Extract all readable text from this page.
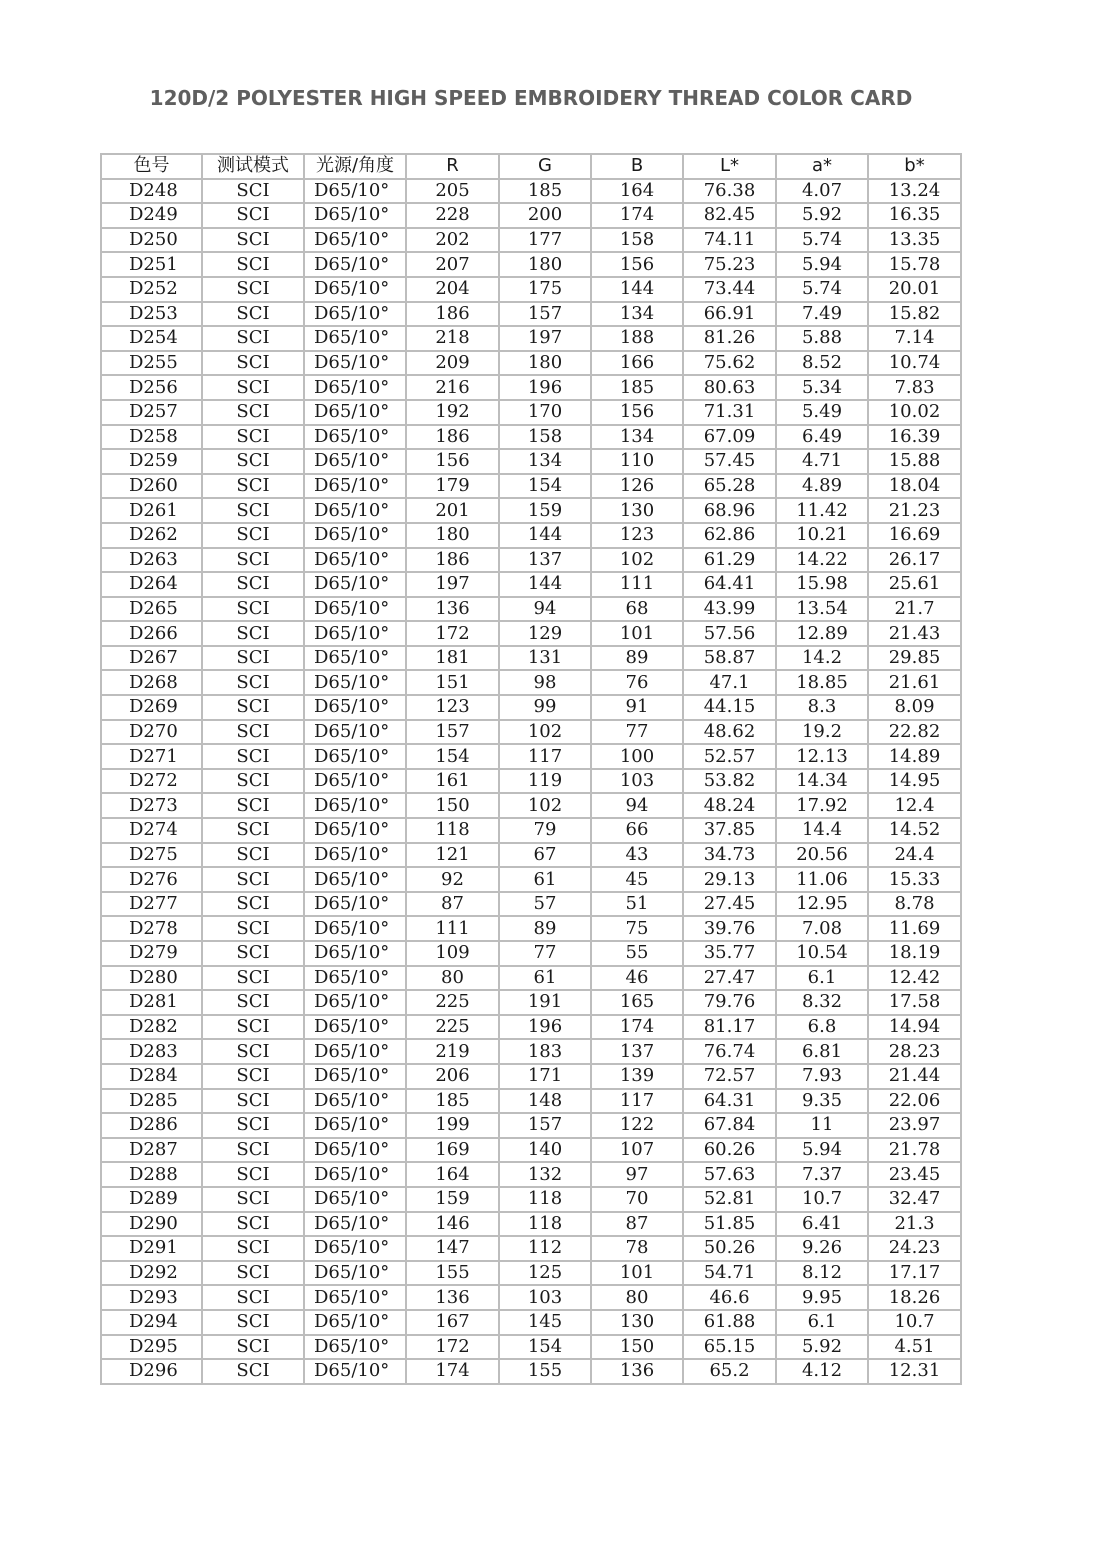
120D/2 POLYESTER HIGH SPEED EMBROIDERY THREAD COLOR CARD
色号	测试模式	光源/角度	R	G	B	L*	a*	b*
D248	SCI	D65/10°	205	185	164	76.38	4.07	13.24
D249	SCI	D65/10°	228	200	174	82.45	5.92	16.35
D250	SCI	D65/10°	202	177	158	74.11	5.74	13.35
D251	SCI	D65/10°	207	180	156	75.23	5.94	15.78
D252	SCI	D65/10°	204	175	144	73.44	5.74	20.01
D253	SCI	D65/10°	186	157	134	66.91	7.49	15.82
D254	SCI	D65/10°	218	197	188	81.26	5.88	7.14
D255	SCI	D65/10°	209	180	166	75.62	8.52	10.74
D256	SCI	D65/10°	216	196	185	80.63	5.34	7.83
D257	SCI	D65/10°	192	170	156	71.31	5.49	10.02
D258	SCI	D65/10°	186	158	134	67.09	6.49	16.39
D259	SCI	D65/10°	156	134	110	57.45	4.71	15.88
D260	SCI	D65/10°	179	154	126	65.28	4.89	18.04
D261	SCI	D65/10°	201	159	130	68.96	11.42	21.23
D262	SCI	D65/10°	180	144	123	62.86	10.21	16.69
D263	SCI	D65/10°	186	137	102	61.29	14.22	26.17
D264	SCI	D65/10°	197	144	111	64.41	15.98	25.61
D265	SCI	D65/10°	136	94	68	43.99	13.54	21.7
D266	SCI	D65/10°	172	129	101	57.56	12.89	21.43
D267	SCI	D65/10°	181	131	89	58.87	14.2	29.85
D268	SCI	D65/10°	151	98	76	47.1	18.85	21.61
D269	SCI	D65/10°	123	99	91	44.15	8.3	8.09
D270	SCI	D65/10°	157	102	77	48.62	19.2	22.82
D271	SCI	D65/10°	154	117	100	52.57	12.13	14.89
D272	SCI	D65/10°	161	119	103	53.82	14.34	14.95
D273	SCI	D65/10°	150	102	94	48.24	17.92	12.4
D274	SCI	D65/10°	118	79	66	37.85	14.4	14.52
D275	SCI	D65/10°	121	67	43	34.73	20.56	24.4
D276	SCI	D65/10°	92	61	45	29.13	11.06	15.33
D277	SCI	D65/10°	87	57	51	27.45	12.95	8.78
D278	SCI	D65/10°	111	89	75	39.76	7.08	11.69
D279	SCI	D65/10°	109	77	55	35.77	10.54	18.19
D280	SCI	D65/10°	80	61	46	27.47	6.1	12.42
D281	SCI	D65/10°	225	191	165	79.76	8.32	17.58
D282	SCI	D65/10°	225	196	174	81.17	6.8	14.94
D283	SCI	D65/10°	219	183	137	76.74	6.81	28.23
D284	SCI	D65/10°	206	171	139	72.57	7.93	21.44
D285	SCI	D65/10°	185	148	117	64.31	9.35	22.06
D286	SCI	D65/10°	199	157	122	67.84	11	23.97
D287	SCI	D65/10°	169	140	107	60.26	5.94	21.78
D288	SCI	D65/10°	164	132	97	57.63	7.37	23.45
D289	SCI	D65/10°	159	118	70	52.81	10.7	32.47
D290	SCI	D65/10°	146	118	87	51.85	6.41	21.3
D291	SCI	D65/10°	147	112	78	50.26	9.26	24.23
D292	SCI	D65/10°	155	125	101	54.71	8.12	17.17
D293	SCI	D65/10°	136	103	80	46.6	9.95	18.26
D294	SCI	D65/10°	167	145	130	61.88	6.1	10.7
D295	SCI	D65/10°	172	154	150	65.15	5.92	4.51
D296	SCI	D65/10°	174	155	136	65.2	4.12	12.31
